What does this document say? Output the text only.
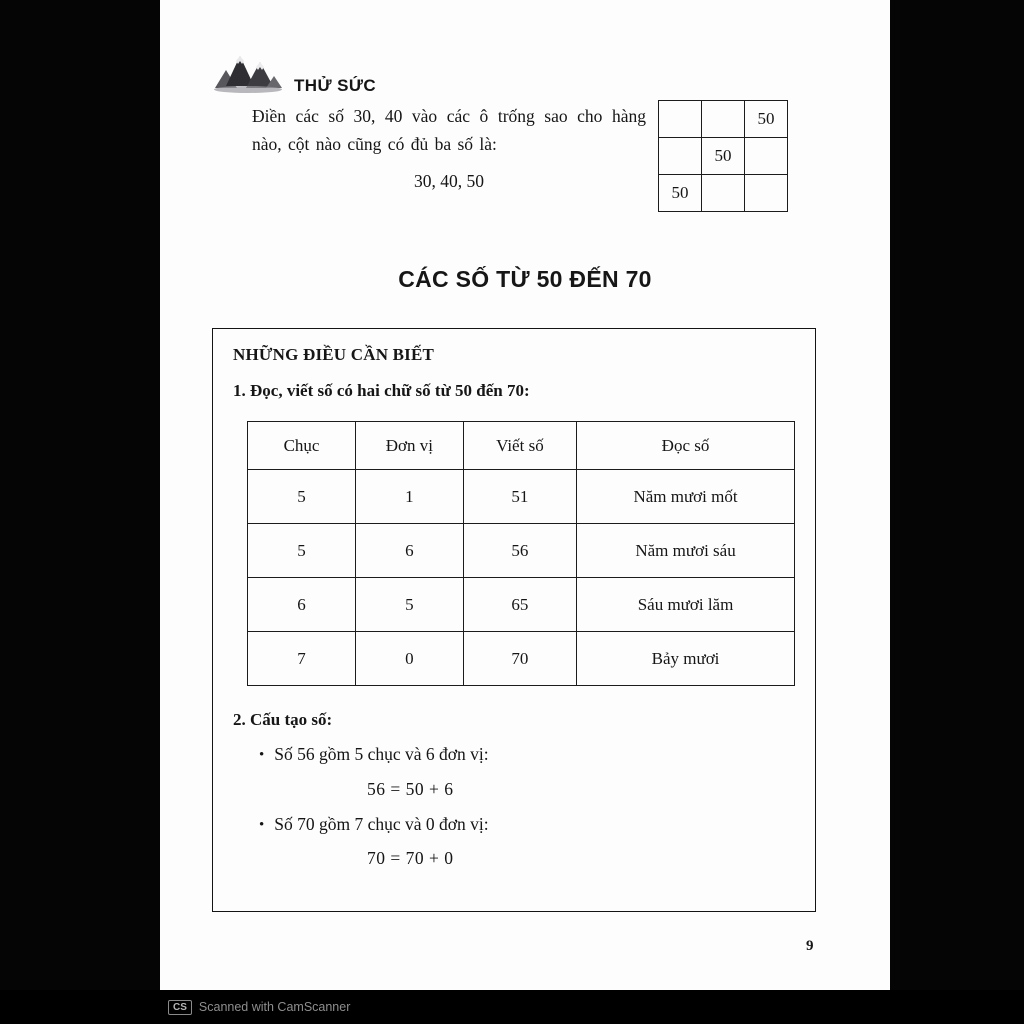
THỬ SỨC

Điền các số 30, 40 vào các ô trống sao cho hàng nào, cột nào cũng có đủ ba số là:

30, 40, 50
		50
	50	
50		
CÁC SỐ TỪ 50 ĐẾN 70
NHỮNG ĐIỀU CẦN BIẾT
1. Đọc, viết số có hai chữ số từ 50 đến 70:
Chục	Đơn vị	Viết số	Đọc số
5	1	51	Năm mươi mốt
5	6	56	Năm mươi sáu
6	5	65	Sáu mươi lăm
7	0	70	Bảy mươi
2. Cấu tạo số:
• Số 56 gồm 5 chục và 6 đơn vị:
56 = 50 + 6
• Số 70 gồm 7 chục và 0 đơn vị:
70 = 70 + 0
9
CS Scanned with CamScanner
